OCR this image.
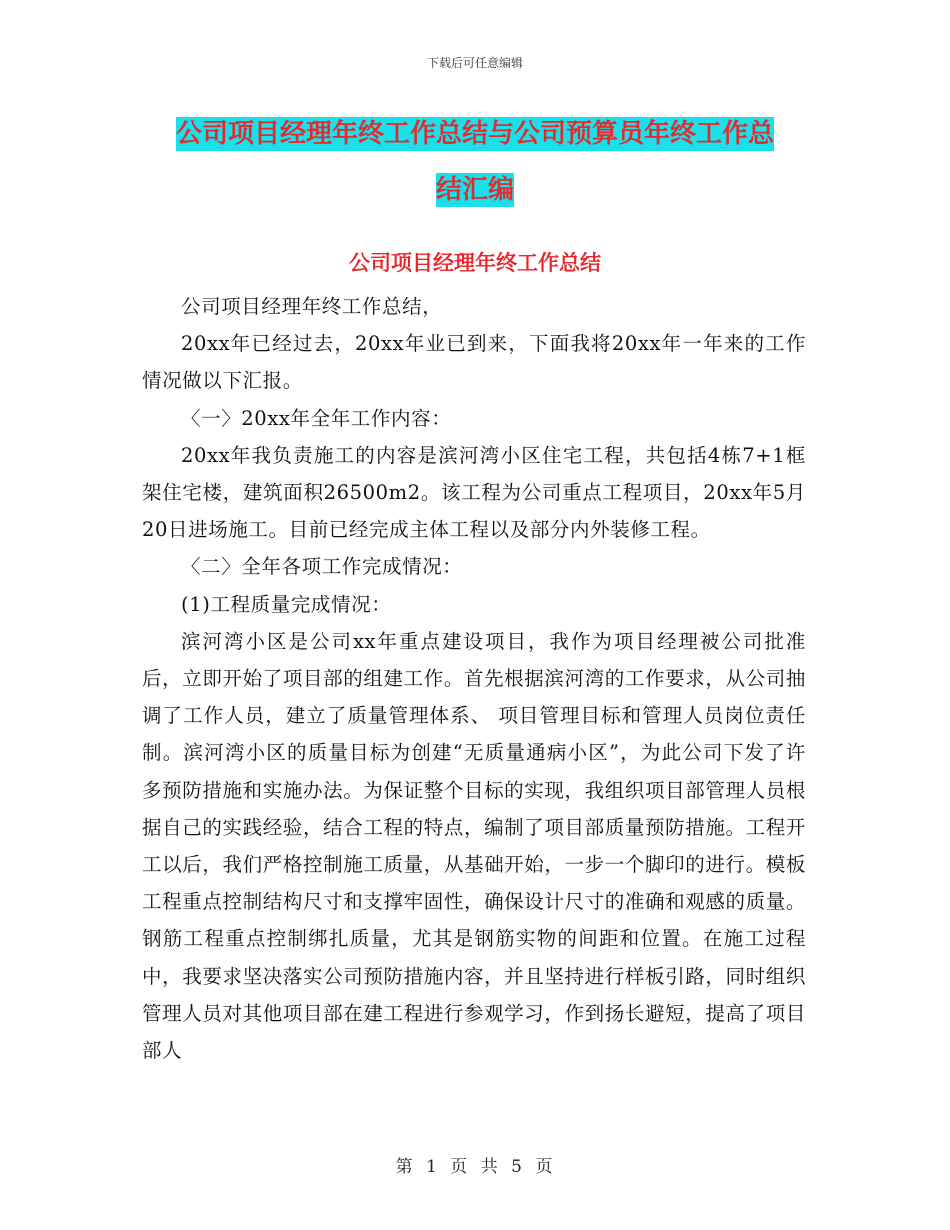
下载后可任意编辑
公司项目经理年终工作总结与公司预算员年终工作总
结汇编
公司项目经理年终工作总结

公司项目经理年终工作总结，

20xx年已经过去，20xx年业已到来，下面我将20xx年一年来的工作情况做以下汇报。

〈一〉20xx年全年工作内容：

20xx年我负责施工的内容是滨河湾小区住宅工程，共包括4栋7+1框架住宅楼，建筑面积26500m2。该工程为公司重点工程项目，20xx年5月20日进场施工。目前已经完成主体工程以及部分内外装修工程。

〈二〉全年各项工作完成情况：

(1)工程质量完成情况：

滨河湾小区是公司xx年重点建设项目，我作为项目经理被公司批准后，立即开始了项目部的组建工作。首先根据滨河湾的工作要求，从公司抽调了工作人员，建立了质量管理体系、 项目管理目标和管理人员岗位责任制。滨河湾小区的质量目标为创建“无质量通病小区”，为此公司下发了许多预防措施和实施办法。为保证整个目标的实现，我组织项目部管理人员根据自己的实践经验，结合工程的特点，编制了项目部质量预防措施。工程开工以后，我们严格控制施工质量，从基础开始，一步一个脚印的进行。模板工程重点控制结构尺寸和支撑牢固性，确保设计尺寸的准确和观感的质量。钢筋工程重点控制绑扎质量，尤其是钢筋实物的间距和位置。在施工过程中，我要求坚决落实公司预防措施内容，并且坚持进行样板引路，同时组织管理人员对其他项目部在建工程进行参观学习，作到扬长避短，提高了项目部人

第 1 页 共 5 页
